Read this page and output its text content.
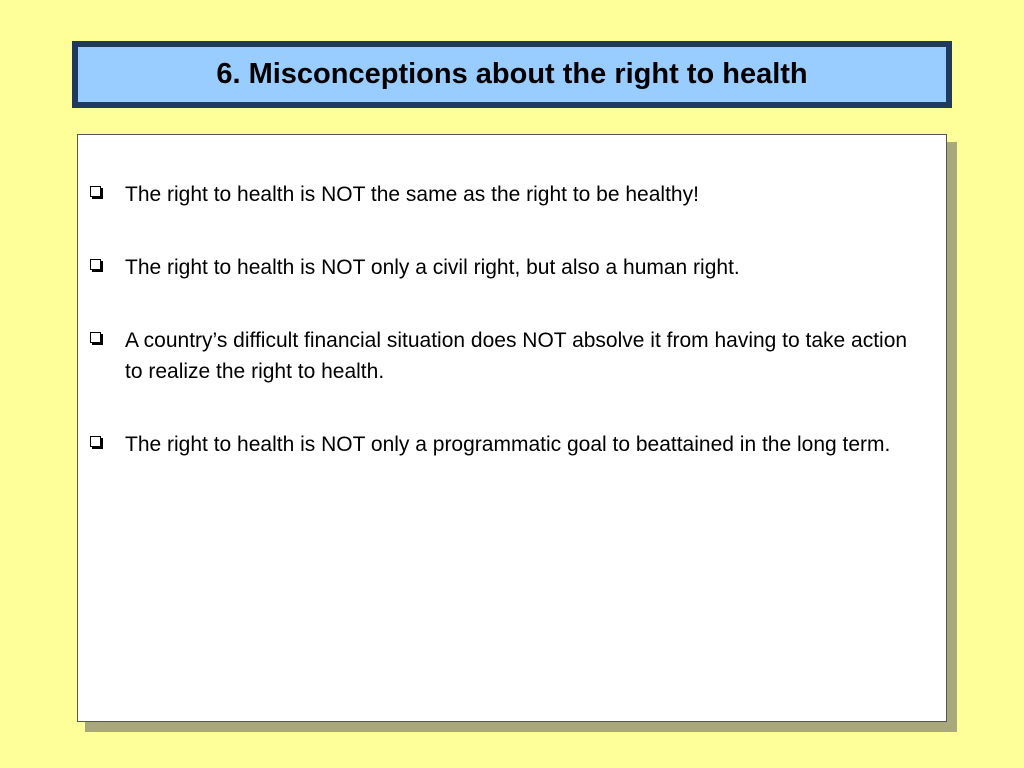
6. Misconceptions about the right to health
The right to health is NOT the same as the right to be healthy!
The right to health is NOT only a civil right, but also a human right.
A country’s difficult financial situation does NOT absolve it from having to take action to realize the right to health.
The right to health is NOT only a programmatic goal to beattained in the long term.
